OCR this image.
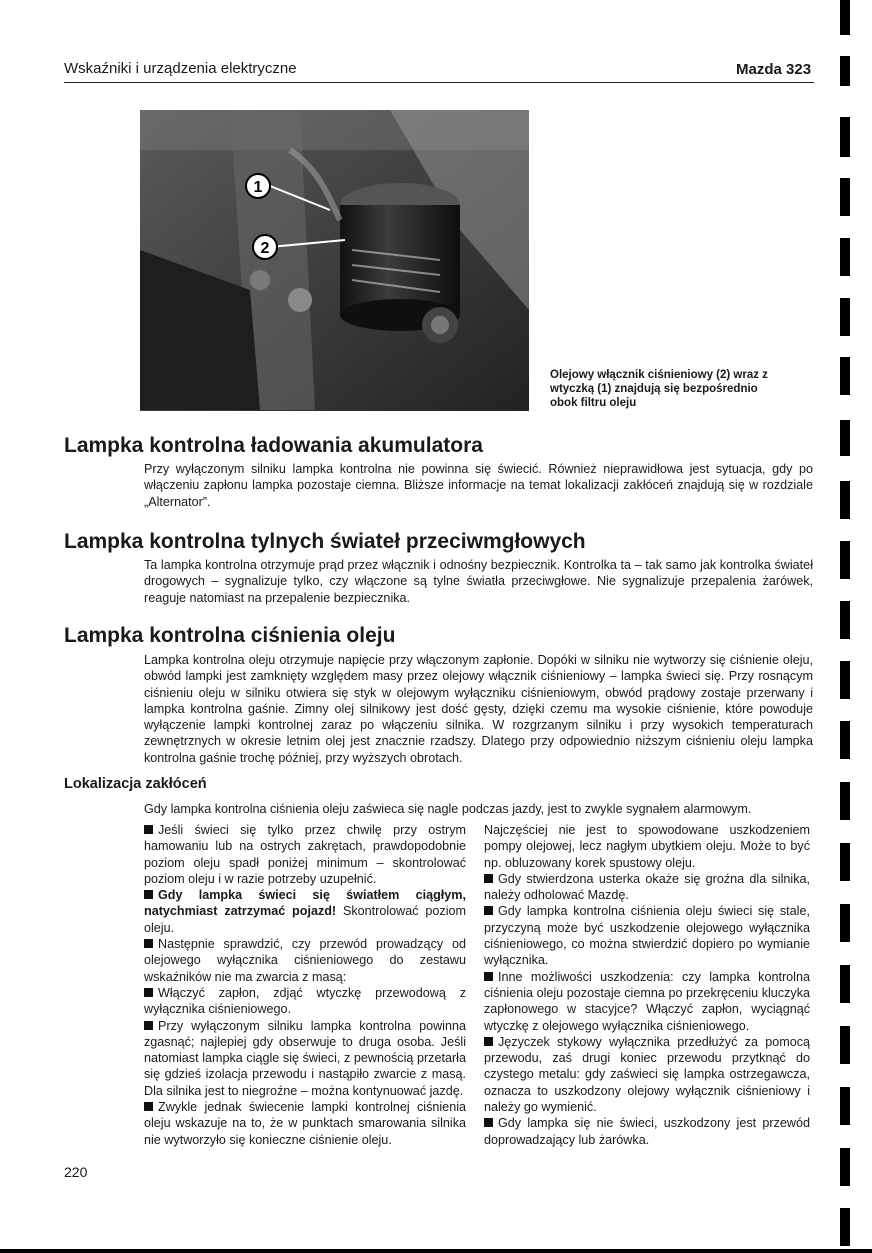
Wskaźniki i urządzenia elektryczne	Mazda 323
1
2
Olejowy włącznik ciśnieniowy (2) wraz z wtyczką (1) znajdują się bezpośrednio obok filtru oleju
Lampka kontrolna ładowania akumulatora

Przy wyłączonym silniku lampka kontrolna nie powinna się świecić. Również nieprawidłowa jest sytuacja, gdy po włączeniu zapłonu lampka pozostaje ciemna. Bliższe informacje na temat lokalizacji zakłóceń znajdują się w rozdziale „Alternator”.

Lampka kontrolna tylnych świateł przeciwmgłowych

Ta lampka kontrolna otrzymuje prąd przez włącznik i odnośny bezpiecznik. Kontrolka ta – tak samo jak kontrolka świateł drogowych – sygnalizuje tylko, czy włączone są tylne światła przeciwgłowe. Nie sygnalizuje przepalenia żarówek, reaguje natomiast na przepalenie bezpiecznika.

Lampka kontrolna ciśnienia oleju

Lampka kontrolna oleju otrzymuje napięcie przy włączonym zapłonie. Dopóki w silniku nie wytworzy się ciśnienie oleju, obwód lampki jest zamknięty względem masy przez olejowy włącznik ciśnieniowy – lampka świeci się. Przy rosnącym ciśnieniu oleju w silniku otwiera się styk w olejowym wyłączniku ciśnieniowym, obwód prądowy zostaje przerwany i lampka kontrolna gaśnie. Zimny olej silnikowy jest dość gęsty, dzięki czemu ma wysokie ciśnienie, które powoduje wyłączenie lampki kontrolnej zaraz po włączeniu silnika. W rozgrzanym silniku i przy wysokich temperaturach zewnętrznych w okresie letnim olej jest znacznie rzadszy. Dlatego przy odpowiednio niższym ciśnieniu oleju lampka kontrolna gaśnie trochę później, przy wyższych obrotach.

Lokalizacja zakłóceń

Gdy lampka kontrolna ciśnienia oleju zaświeca się nagle podczas jazdy, jest to zwykle sygnałem alarmowym.

Jeśli świeci się tylko przez chwilę przy ostrym hamowaniu lub na ostrych zakrętach, prawdopodobnie poziom oleju spadł poniżej minimum – skontrolować poziom oleju i w razie potrzeby uzupełnić.

Gdy lampka świeci się światłem ciągłym, natychmiast zatrzymać pojazd! Skontrolować poziom oleju.

Następnie sprawdzić, czy przewód prowadzący od olejowego wyłącznika ciśnieniowego do zestawu wskaźników nie ma zwarcia z masą:

Włączyć zapłon, zdjąć wtyczkę przewodową z wyłącznika ciśnieniowego.

Przy wyłączonym silniku lampka kontrolna powinna zgasnąć; najlepiej gdy obserwuje to druga osoba. Jeśli natomiast lampka ciągle się świeci, z pewnością przetarła się gdzieś izolacja przewodu i nastąpiło zwarcie z masą. Dla silnika jest to niegroźne – można kontynuować jazdę.

Zwykle jednak świecenie lampki kontrolnej ciśnienia oleju wskazuje na to, że w punktach smarowania silnika nie wytworzyło się konieczne ciśnienie oleju.

Najczęściej nie jest to spowodowane uszkodzeniem pompy olejowej, lecz nagłym ubytkiem oleju. Może to być np. obluzowany korek spustowy oleju.

Gdy stwierdzona usterka okaże się groźna dla silnika, należy odholować Mazdę.

Gdy lampka kontrolna ciśnienia oleju świeci się stale, przyczyną może być uszkodzenie olejowego wyłącznika ciśnieniowego, co można stwierdzić dopiero po wymianie wyłącznika.

Inne możliwości uszkodzenia: czy lampka kontrolna ciśnienia oleju pozostaje ciemna po przekręceniu kluczyka zapłonowego w stacyjce? Włączyć zapłon, wyciągnąć wtyczkę z olejowego wyłącznika ciśnieniowego.

Języczek stykowy wyłącznika przedłużyć za pomocą przewodu, zaś drugi koniec przewodu przytknąć do czystego metalu: gdy zaświeci się lampka ostrzegawcza, oznacza to uszkodzony olejowy wyłącznik ciśnieniowy i należy go wymienić.

Gdy lampka się nie świeci, uszkodzony jest przewód doprowadzający lub żarówka.

220
